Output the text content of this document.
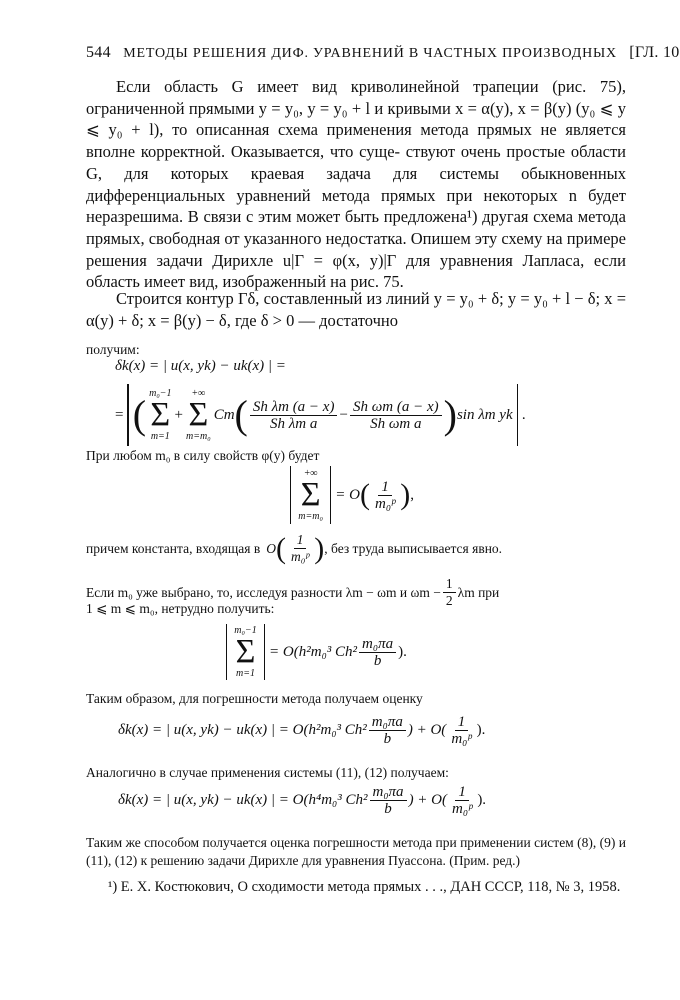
544 МЕТОДЫ РЕШЕНИЯ ДИФ. УРАВНЕНИЙ В ЧАСТНЫХ ПРОИЗВОДНЫХ [ГЛ. 10
Если область G имеет вид криволинейной трапеции (рис. 75), ограниченной прямыми y = y₀, y = y₀ + l и кривыми x = α(y), x = β(y) (y₀ ⩽ y ⩽ y₀ + l), то описанная схема применения метода прямых не является вполне корректной. Оказывается, что суще- ствуют очень простые области G, для которых краевая задача для системы обыкновенных дифференциальных уравнений метода прямых при некоторых n будет неразрешима. В связи с этим может быть предложена¹) другая схема метода прямых, свободная от указанного недостатка. Опишем эту схему на примере решения задачи Дирихле u|Γ = φ(x, y)|Γ для уравнения Лапласа, если область имеет вид, изображенный на рис. 75.
Строится контур Γδ, составленный из линий y = y₀ + δ; y = y₀ + l − δ; x = α(y) + δ; x = β(y) − δ, где δ > 0 — достаточно
получим:
δk(x) = | u(x, yk) − uk(x) | =
= ( m₀−1
Σ
m=1
+
+∞
Σ
m=m₀
Cm ( $\frac{\text{Sh λm (a − x)}}{\text{Sh λm a}} - \frac{\text{Sh ωm (a − x)}}{\text{Sh ωm a}}$ ) sin λm yk .
При любом m₀ в силу свойств φ(y) будет
+∞
Σ
m=m₀
= O ( $\frac{1}{\text{m₀ᵖ}}$ ) ,
причем константа, входящая в O ( $\frac{1}{\text{m₀ᵖ}}$ ) , без труда выписывается явно.
Если m₀ уже выбрано, то, исследуя разности λm − ωm и $\omega m - \frac{1}{2}$ λm при
1 ⩽ m ⩽ m₀, нетрудно получить:
m₀−1
Σ
m=1
= O(h²m₀³ $Ch^2 \frac{\text{m₀πa}}{b}$ ).
Таким образом, для погрешности метода получаем оценку
δk(x) = | u(x, yk) − uk(x) | = O(h²m₀³ $Ch^2 \frac{\text{m₀πa}}{b}$ ) + $O( \frac{1}{\text{m₀ᵖ}}$ ).
Аналогично в случае применения системы (11), (12) получаем:
δk(x) = | u(x, yk) − uk(x) | = O(h⁴m₀³ $Ch^2 \frac{\text{m₀πa}}{b}$ ) + $O( \frac{1}{\text{m₀ᵖ}}$ ).
Таким же способом получается оценка погрешности метода при применении систем (8), (9) и (11), (12) к решению задачи Дирихле для уравнения Пуассона. (Прим. ред.)
¹) Е. Х. Костюкович, О сходимости метода прямых . . ., ДАН СССР, 118, № 3, 1958.
